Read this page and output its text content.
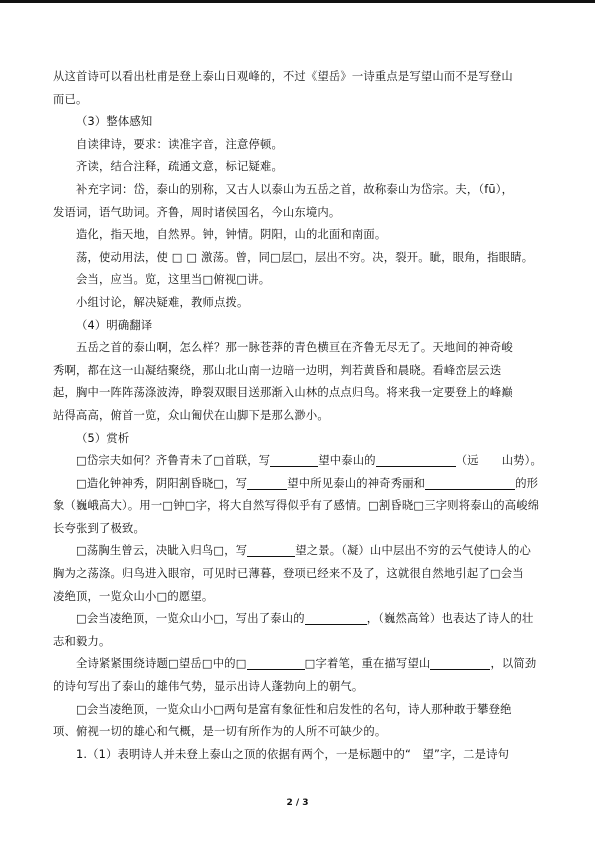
从这首诗可以看出杜甫是登上泰山日观峰的，不过《望岳》一诗重点是写望山而不是写登山

而已。

（3）整体感知

自读律诗，要求：读准字音，注意停顿。

齐读，结合注释，疏通文意，标记疑难。

补充字词：岱，泰山的别称，又古人以泰山为五岳之首，故称泰山为岱宗。夫，（fū），

发语词，语气助词。齐鲁，周时诸侯国名，今山东境内。

造化，指天地，自然界。钟，钟情。阴阳，山的北面和南面。

荡，使动用法，使 □ □ 激荡。曾，同□层□，层出不穷。决，裂开。眦，眼角，指眼睛。

会当，应当。览，这里当□俯视□讲。

小组讨论，解决疑难，教师点拨。

（4）明确翻译

五岳之首的泰山啊，怎么样？那一脉苍莽的青色横亘在齐鲁无尽无了。天地间的神奇峻

秀啊，都在这一山凝结聚绕，那山北山南一边暗一边明，判若黄昏和晨晓。看峰峦层云迭

起，胸中一阵阵荡涤波涛，睁裂双眼目送那渐入山林的点点归鸟。将来我一定要登上的峰巅

站得高高，俯首一览，众山匍伏在山脚下是那么渺小。

（5）赏析

□岱宗夫如何？齐鲁青未了□首联，写	望中泰山的	（远　　山势）。

□造化钟神秀，阴阳割昏晓□，写	望中所见泰山的神奇秀丽和	的形

象（巍峨高大）。用一□钟□字，将大自然写得似乎有了感情。□割昏晓□三字则将泰山的高峻绵

长夸张到了极致。

□荡胸生曾云，决眦入归鸟□，写	望之景。（凝）山中层出不穷的云气使诗人的心

胸为之荡涤。归鸟进入眼帘，可见时已薄暮，登项已经来不及了，这就很自然地引起了□会当

凌绝顶，一览众山小□的愿望。

□会当凌绝顶，一览众山小□，写出了泰山的	，（巍然高耸）也表达了诗人的壮

志和毅力。

全诗紧紧围绕诗题□望岳□中的□	□字着笔，重在描写望山	，以简劲

的诗句写出了泰山的雄伟气势，显示出诗人蓬勃向上的朝气。

□会当凌绝顶，一览众山小□两句是富有象征性和启发性的名句，诗人那种敢于攀登绝

项、俯视一切的雄心和气概，是一切有所作为的人所不可缺少的。

1.（1）表明诗人并未登上泰山之顶的依据有两个，一是标题中的“　望”字，二是诗句

2 / 3
